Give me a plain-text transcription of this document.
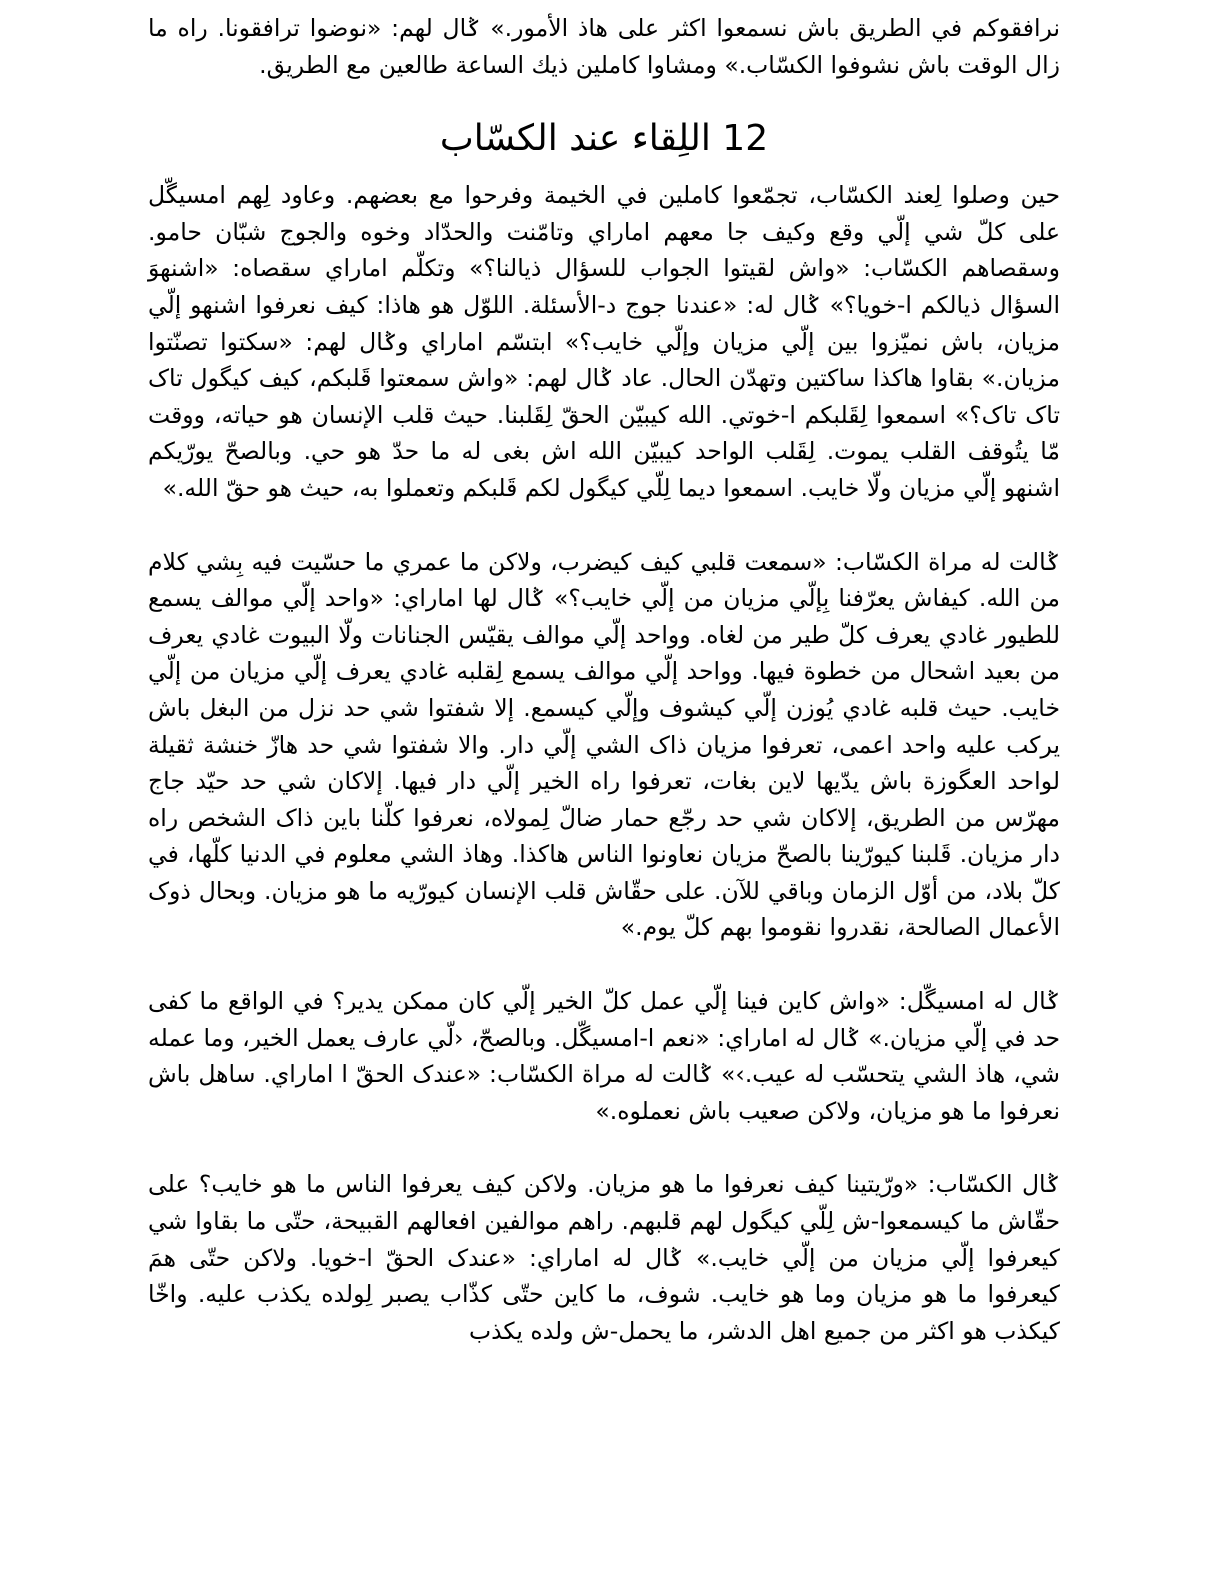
نرافقوكم في الطريق باش نسمعوا اكثر على هاذ الأمور.» ݣال لهم: «نوضوا ترافقونا. راه ما زال الوقت باش نشوفوا الكسّاب.» ومشاوا كاملين ذيك الساعة طالعين مع الطريق.

12 اللِقاء عند الكسّاب

حين وصلوا لِعند الكسّاب، تجمّعوا كاملين في الخيمة وفرحوا مع بعضهم. وعاود لِهم امسيگّل على كلّ شي إلّي وقع وكيف جا معهم اماراي وتامّنت والحدّاد وخوه والجوج شبّان حامو. وسقصاهم الكسّاب: «واش لقيتوا الجواب للسؤال ذيالنا؟» وتكلّم اماراي سقصاه: «اشنهوَ السؤال ذيالكم ا-خويا؟» ݣال له: «عندنا جوج د-الأسئلة. اللوّل هو هاذا: كيف نعرفوا اشنهو إلّي مزيان، باش نميّزوا بين إلّي مزيان وإلّي خايب؟» ابتسّم اماراي وݣال لهم: «سكتوا تصنّتوا مزيان.» بقاوا هاكذا ساكتين وتهدّن الحال. عاد ݣال لهم: «واش سمعتوا قَلبكم، كيف كيگول تاک تاک تاک؟» اسمعوا لِقَلبكم ا-خوتي. الله كيبيّن الحقّ لِقَلبنا. حيث قلب الإنسان هو حياته، ووقت مّا يتُوقف القلب يموت. لِقَلب الواحد كيبيّن الله اش بغى له ما حدّ هو حي. وبالصحّ يورّيكم اشنهو إلّي مزيان ولّا خايب. اسمعوا ديما لِلّي كيگول لكم قَلبكم وتعملوا به، حيث هو حقّ الله.»

ݣالت له مراة الكسّاب: «سمعت قلبي كيف كيضرب، ولاكن ما عمري ما حسّيت فيه بِشي كلام من الله. كيفاش يعرّفنا بِإلّي مزيان من إلّي خايب؟» ݣال لها اماراي: «واحد إلّي موالف يسمع للطيور غادي يعرف كلّ طير من لغاه. وواحد إلّي موالف يقيّس الجنانات ولّا البيوت غادي يعرف من بعيد اشحال من خطوة فيها. وواحد إلّي موالف يسمع لِقلبه غادي يعرف إلّي مزيان من إلّي خايب. حيث قلبه غادي يُوزن إلّي كيشوف وإلّي كيسمع. إلا شفتوا شي حد نزل من البغل باش يركب عليه واحد اعمى، تعرفوا مزيان ذاک الشي إلّي دار. والا شفتوا شي حد هازّ خنشة ثقيلة لواحد العگوزة باش يدّيها لاين بغات، تعرفوا راه الخير إلّي دار فيها. إلاكان شي حد حيّد جاج مهرّس من الطريق، إلاكان شي حد رجّع حمار ضالّ لِمولاه، نعرفوا كلّنا باين ذاک الشخص راه دار مزيان. قَلبنا كيورّينا بالصحّ مزيان نعاونوا الناس هاكذا. وهاذ الشي معلوم في الدنيا كلّها، في كلّ بلاد، من أوّل الزمان وباقي للآن. على حقّاش قلب الإنسان كيورّيه ما هو مزيان. وبحال ذوک الأعمال الصالحة، نقدروا نقوموا بهم كلّ يوم.»

ݣال له امسيگّل: «واش كاين فينا إلّي عمل كلّ الخير إلّي كان ممكن يدير؟ في الواقع ما كفى حد في إلّي مزيان.» ݣال له اماراي: «نعم ا-امسيگّل. وبالصحّ، ‹لّي عارف يعمل الخير، وما عمله شي، هاذ الشي يتحسّب له عيب.›» ݣالت له مراة الكسّاب: «عندک الحقّ ا اماراي. ساهل باش نعرفوا ما هو مزيان، ولاكن صعيب باش نعملوه.»

ݣال الكسّاب: «ورّيتينا كيف نعرفوا ما هو مزيان. ولاكن كيف يعرفوا الناس ما هو خايب؟ على حقّاش ما كيسمعوا-ش لِلّي كيگول لهم قلبهم. راهم موالفين افعالهم القبيحة، حتّى ما بقاوا شي كيعرفوا إلّي مزيان من إلّي خايب.» ݣال له اماراي: «عندک الحقّ ا-خويا. ولاكن حتّى همَ كيعرفوا ما هو مزيان وما هو خايب. شوف، ما كاين حتّى كذّاب يصبر لِولده يكذب عليه. واخّا كيكذب هو اكثر من جميع اهل الدشر، ما يحمل-ش ولده يكذب
